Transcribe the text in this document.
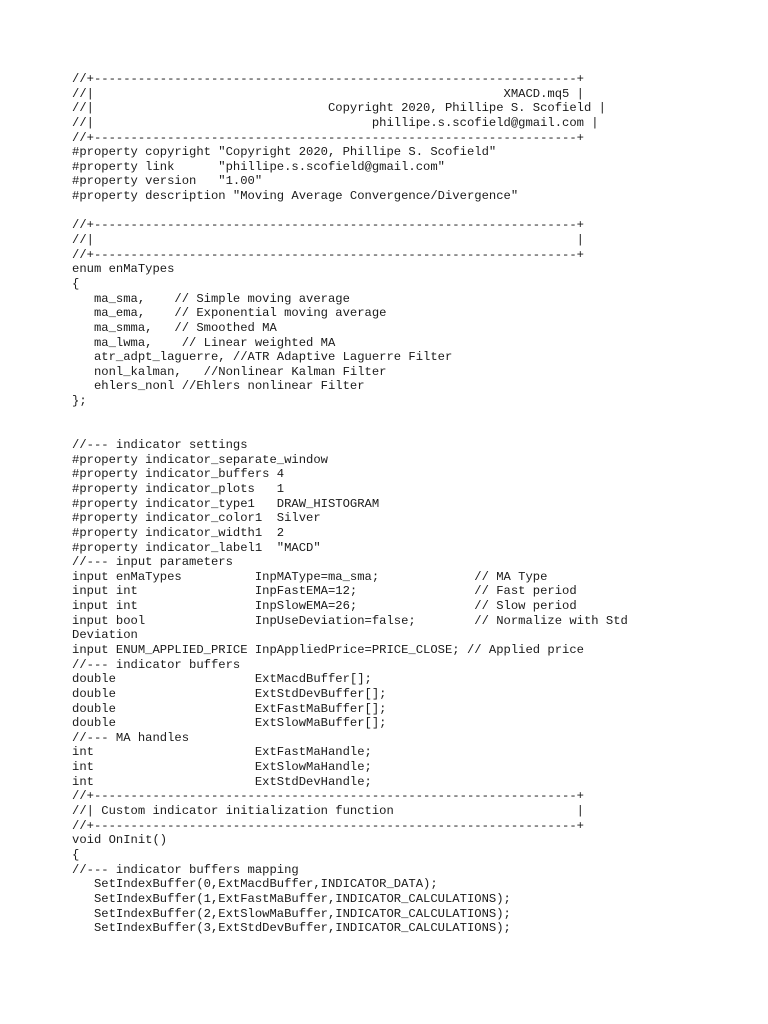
//+------------------------------------------------------------------+
//|                                                        XMACD.mq5 |
//|                                Copyright 2020, Phillipe S. Scofield |
//|                                      phillipe.s.scofield@gmail.com |
//+------------------------------------------------------------------+
#property copyright "Copyright 2020, Phillipe S. Scofield"
#property link      "phillipe.s.scofield@gmail.com"
#property version   "1.00"
#property description "Moving Average Convergence/Divergence"
//+------------------------------------------------------------------+
//|                                                                  |
//+------------------------------------------------------------------+
enum enMaTypes
{
ma_sma,    // Simple moving average
ma_ema,    // Exponential moving average
ma_smma,   // Smoothed MA
ma_lwma,    // Linear weighted MA
atr_adpt_laguerre, //ATR Adaptive Laguerre Filter
nonl_kalman,   //Nonlinear Kalman Filter
ehlers_nonl //Ehlers nonlinear Filter
};
//--- indicator settings
#property indicator_separate_window
#property indicator_buffers 4
#property indicator_plots   1
#property indicator_type1   DRAW_HISTOGRAM
#property indicator_color1  Silver
#property indicator_width1  2
#property indicator_label1  "MACD"
//--- input parameters
input enMaTypes          InpMAType=ma_sma;             // MA Type
input int                InpFastEMA=12;                // Fast period
input int                InpSlowEMA=26;                // Slow period
input bool               InpUseDeviation=false;        // Normalize with Std
Deviation
input ENUM_APPLIED_PRICE InpAppliedPrice=PRICE_CLOSE; // Applied price
//--- indicator buffers
double                   ExtMacdBuffer[];
double                   ExtStdDevBuffer[];
double                   ExtFastMaBuffer[];
double                   ExtSlowMaBuffer[];
//--- MA handles
int                      ExtFastMaHandle;
int                      ExtSlowMaHandle;
int                      ExtStdDevHandle;
//+------------------------------------------------------------------+
//| Custom indicator initialization function                         |
//+------------------------------------------------------------------+
void OnInit()
{
//--- indicator buffers mapping
SetIndexBuffer(0,ExtMacdBuffer,INDICATOR_DATA);
SetIndexBuffer(1,ExtFastMaBuffer,INDICATOR_CALCULATIONS);
SetIndexBuffer(2,ExtSlowMaBuffer,INDICATOR_CALCULATIONS);
SetIndexBuffer(3,ExtStdDevBuffer,INDICATOR_CALCULATIONS);
